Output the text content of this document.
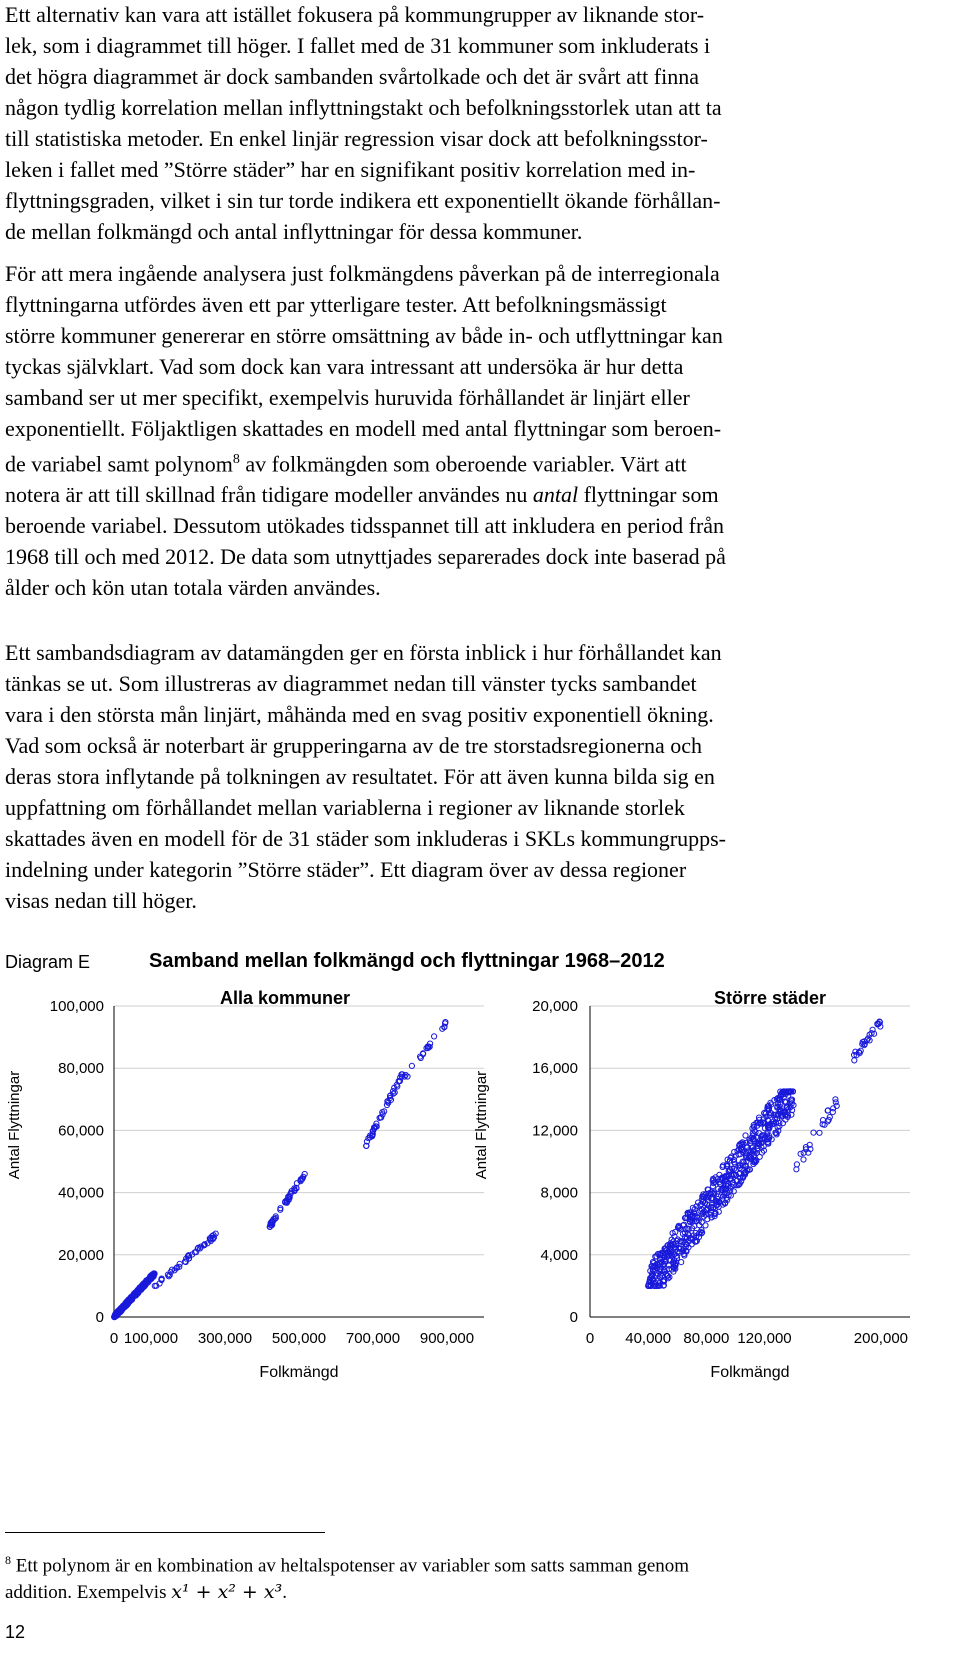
Ett alternativ kan vara att istället fokusera på kommungrupper av liknande stor-
lek, som i diagrammet till höger. I fallet med de 31 kommuner som inkluderats i
det högra diagrammet är dock sambanden svårtolkade och det är svårt att finna
någon tydlig korrelation mellan inflyttningstakt och befolkningsstorlek utan att ta
till statistiska metoder. En enkel linjär regression visar dock att befolkningsstor-
leken i fallet med ”Större städer” har en signifikant positiv korrelation med in-
flyttningsgraden, vilket i sin tur torde indikera ett exponentiellt ökande förhållan-
de mellan folkmängd och antal inflyttningar för dessa kommuner.
För att mera ingående analysera just folkmängdens påverkan på de interregionala
flyttningarna utfördes även ett par ytterligare tester. Att befolkningsmässigt
större kommuner genererar en större omsättning av både in- och utflyttningar kan
tyckas självklart. Vad som dock kan vara intressant att undersöka är hur detta
samband ser ut mer specifikt, exempelvis huruvida förhållandet är linjärt eller
exponentiellt. Följaktligen skattades en modell med antal flyttningar som beroen-
de variabel samt polynom$^8$ av folkmängden som oberoende variabler. Värt att
notera är att till skillnad från tidigare modeller användes nu antal flyttningar som
beroende variabel. Dessutom utökades tidsspannet till att inkludera en period från
1968 till och med 2012. De data som utnyttjades separerades dock inte baserad på
ålder och kön utan totala värden användes.
Ett sambandsdiagram av datamängden ger en första inblick i hur förhållandet kan
tänkas se ut. Som illustreras av diagrammet nedan till vänster tycks sambandet
vara i den största mån linjärt, måhända med en svag positiv exponentiell ökning.
Vad som också är noterbart är grupperingarna av de tre storstadsregionerna och
deras stora inflytande på tolkningen av resultatet. För att även kunna bilda sig en
uppfattning om förhållandet mellan variablerna i regioner av liknande storlek
skattades även en modell för de 31 städer som inkluderas i SKLs kommungrupps-
indelning under kategorin ”Större städer”. Ett diagram över av dessa regioner
visas nedan till höger.
Diagram E	Samband mellan folkmängd och flyttningar 1968–2012
0
20,000
40,000
60,000
80,000
100,000
0 100,000 300,000 500,000 700,000 900,000
Alla kommuner
Folkmängd
Antal Flyttningar
0
4,000
8,000
12,000
16,000
20,000
0 40,000 80,000 120,000	200,000
Större städer
Folkmängd
Antal Flyttningar
$^8$ Ett polynom är en kombination av heltalspotenser av variabler som satts samman genom
addition. Exempelvis x¹ + x² + x³.
12
